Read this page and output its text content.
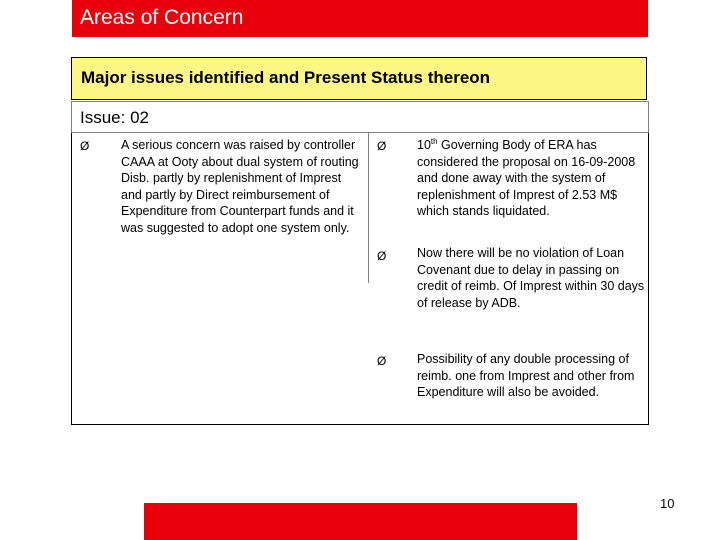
Areas of Concern
Major issues identified and Present Status thereon
Issue: 02
Ø	A serious concern was raised by controller CAAA at Ooty about dual system of routing Disb. partly by replenishment of Imprest and partly by Direct reimbursement of Expenditure from Counterpart funds and it was suggested to adopt one system only.
Ø 10th Governing Body of ERA has considered the proposal on 16-09-2008 and done away with the system of replenishment of Imprest of 2.53 M$ which stands liquidated.
Ø Now there will be no violation of Loan Covenant due to delay in passing on credit of reimb. Of Imprest within 30 days of release by ADB.
Ø Possibility of any double processing of reimb. one from Imprest and other from Expenditure will also be avoided.
10
